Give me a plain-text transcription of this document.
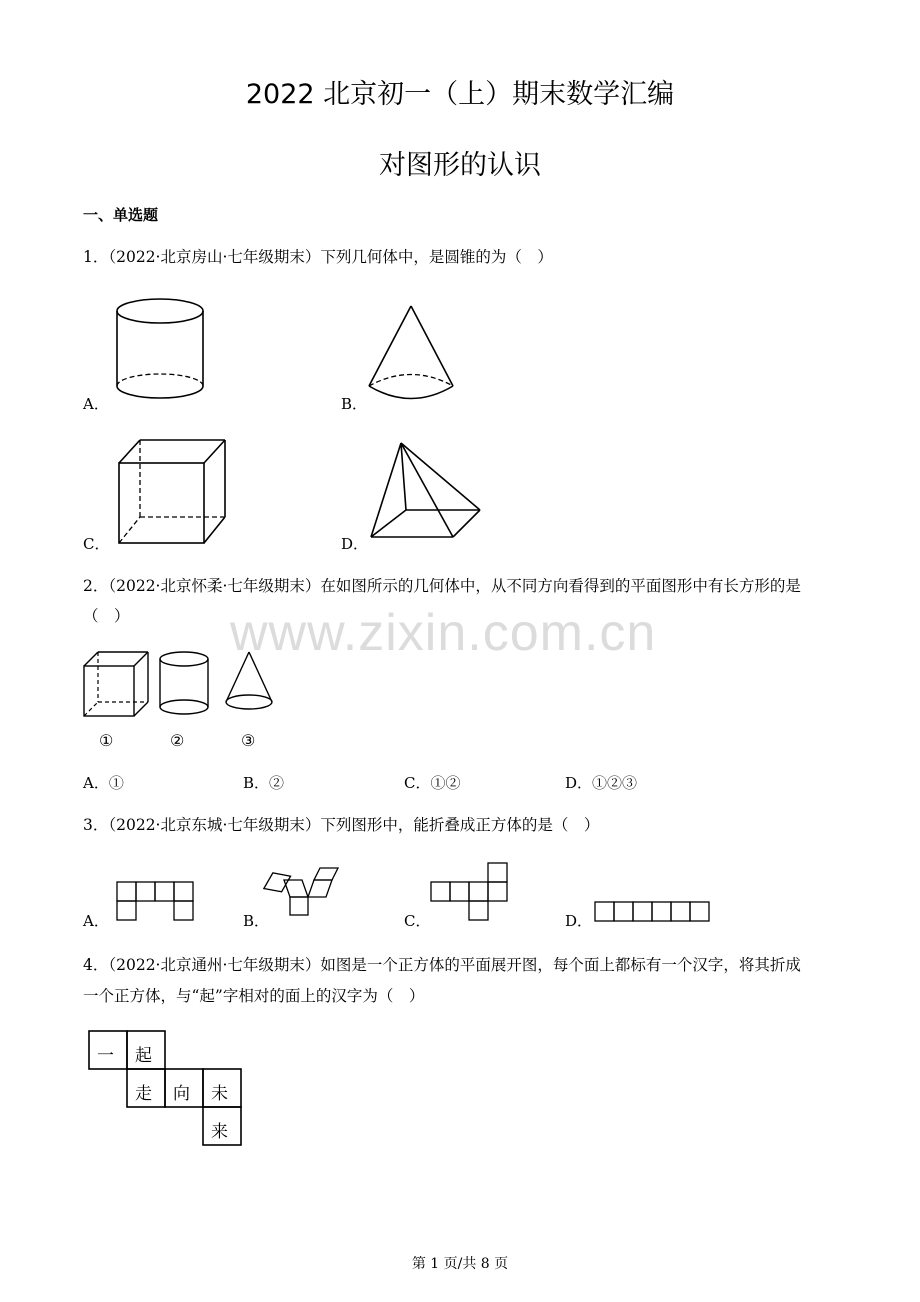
2022 北京初一（上）期末数学汇编
对图形的认识
一、单选题
1．（2022·北京房山·七年级期末）下列几何体中，是圆锥的为（　）
A．	B．
C．	D．
2．（2022·北京怀柔·七年级期末）在如图所示的几何体中，从不同方向看得到的平面图形中有长方形的是
（　）
①	②	③
A．①	B．②	C．①②	D．①②③
3．（2022·北京东城·七年级期末）下列图形中，能折叠成正方体的是（　）
A．	B．	C．	D．
4．（2022·北京通州·七年级期末）如图是一个正方体的平面展开图，每个面上都标有一个汉字，将其折成
一个正方体，与“起”字相对的面上的汉字为（　）
一 起
走 向 未
来
www.zixin.com.cn
第 1 页/共 8 页
